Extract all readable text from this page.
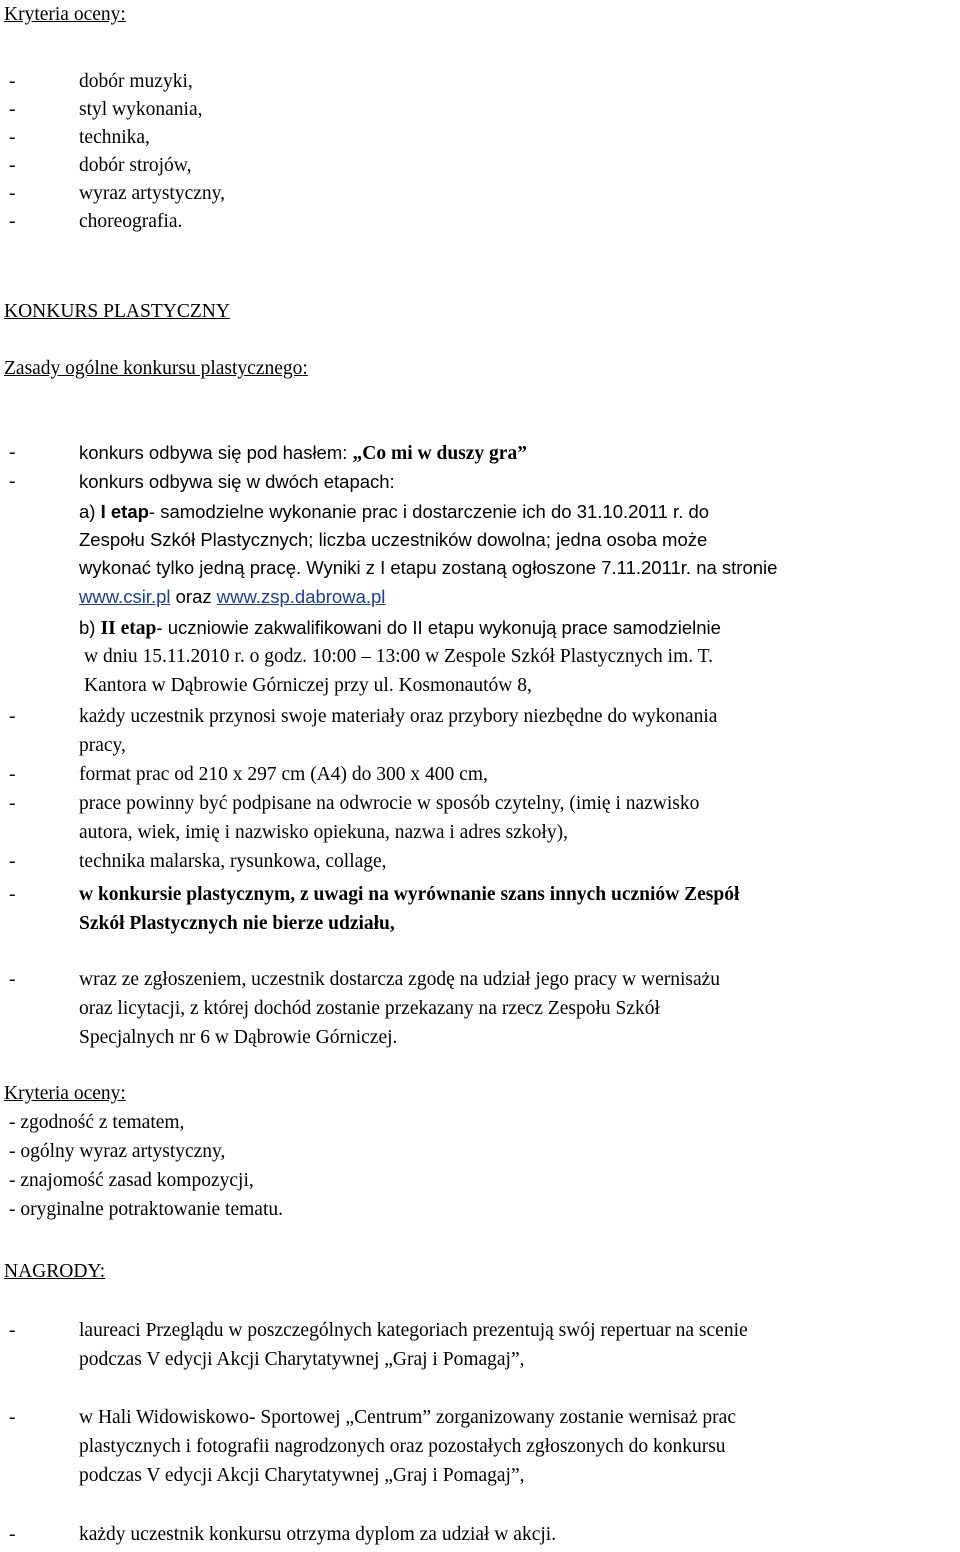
Kryteria oceny:
-	dobór muzyki,
-	styl wykonania,
-	technika,
-	dobór strojów,
-	wyraz artystyczny,
-	choreografia.
KONKURS PLASTYCZNY
Zasady ogólne konkursu plastycznego:
-	konkurs odbywa się pod hasłem: „Co mi w duszy gra”
-	konkurs odbywa się w dwóch etapach:
a) I etap- samodzielne wykonanie prac i dostarczenie ich do 31.10.2011 r. do
Zespołu Szkół Plastycznych; liczba uczestników dowolna; jedna osoba może
wykonać tylko jedną pracę. Wyniki z I etapu zostaną ogłoszone 7.11.2011r. na stronie
www.csir.pl oraz www.zsp.dabrowa.pl
b) II etap- uczniowie zakwalifikowani do II etapu wykonują prace samodzielnie
w dniu 15.11.2010 r. o godz. 10:00 – 13:00 w Zespole Szkół Plastycznych im. T.
Kantora w Dąbrowie Górniczej przy ul. Kosmonautów 8,
-	każdy uczestnik przynosi swoje materiały oraz przybory niezbędne do wykonania
pracy,
-	format prac od 210 x 297 cm (A4) do 300 x 400 cm,
-	prace powinny być podpisane na odwrocie w sposób czytelny, (imię i nazwisko
autora, wiek, imię i nazwisko opiekuna, nazwa i adres szkoły),
-	technika malarska, rysunkowa, collage,
-	w konkursie plastycznym, z uwagi na wyrównanie szans innych uczniów Zespół
Szkół Plastycznych nie bierze udziału,
-	wraz ze zgłoszeniem, uczestnik dostarcza zgodę na udział jego pracy w wernisażu
oraz licytacji, z której dochód zostanie przekazany na rzecz Zespołu Szkół
Specjalnych nr 6 w Dąbrowie Górniczej.
Kryteria oceny:
- zgodność z tematem,
- ogólny wyraz artystyczny,
- znajomość zasad kompozycji,
- oryginalne potraktowanie tematu.
NAGRODY:
-	laureaci Przeglądu w poszczególnych kategoriach prezentują swój repertuar na scenie
podczas V edycji Akcji Charytatywnej „Graj i Pomagaj”,
-	w Hali Widowiskowo- Sportowej „Centrum” zorganizowany zostanie wernisaż prac
plastycznych i fotografii nagrodzonych oraz pozostałych zgłoszonych do konkursu
podczas V edycji Akcji Charytatywnej „Graj i Pomagaj”,
-	każdy uczestnik konkursu otrzyma dyplom za udział w akcji.
